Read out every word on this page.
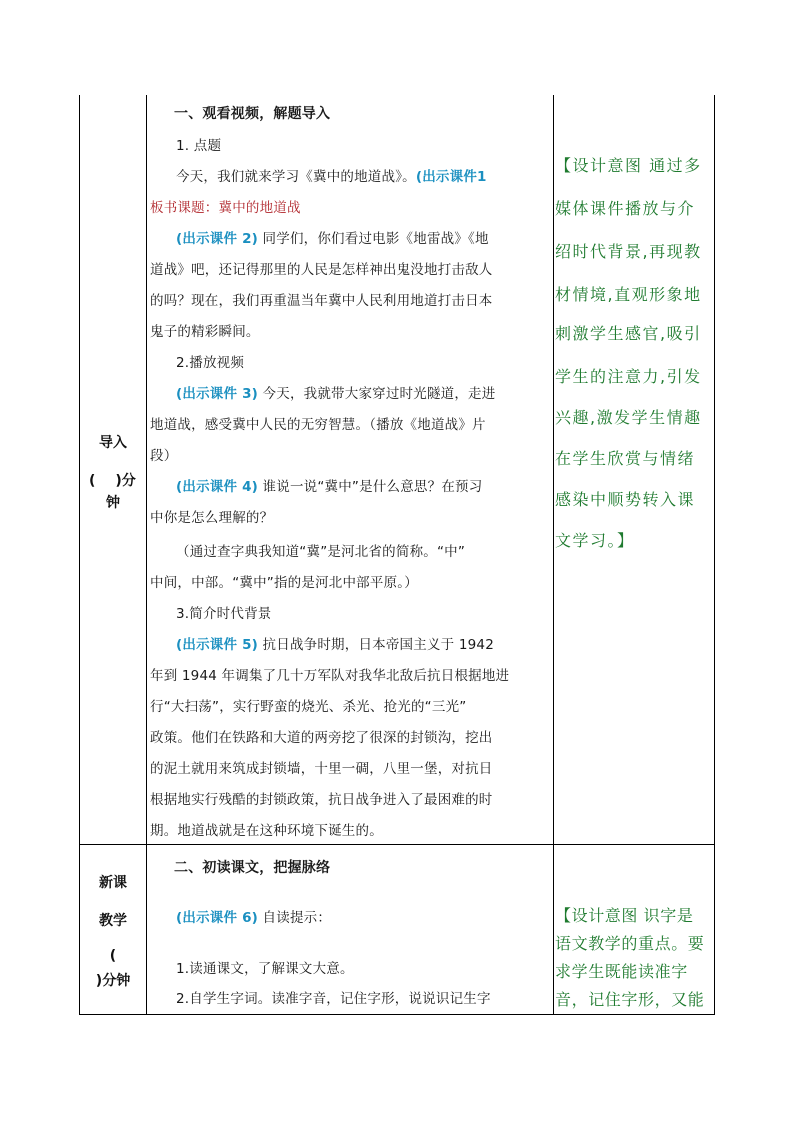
导入
( )分
钟
一、观看视频，解题导入
1. 点题
今天，我们就来学习《冀中的地道战》。(出示课件1
板书课题：冀中的地道战
(出示课件 2) 同学们，你们看过电影《地雷战》《地
道战》吧，还记得那里的人民是怎样神出鬼没地打击敌人
的吗？现在，我们再重温当年冀中人民利用地道打击日本
鬼子的精彩瞬间。
2.播放视频
(出示课件 3) 今天，我就带大家穿过时光隧道，走进
地道战，感受冀中人民的无穷智慧。（播放《地道战》片
段）
(出示课件 4) 谁说一说“冀中”是什么意思？在预习
中你是怎么理解的？
（通过查字典我知道“冀”是河北省的简称。“中”
中间，中部。“冀中”指的是河北中部平原。）
3.简介时代背景
(出示课件 5) 抗日战争时期，日本帝国主义于 1942
年到 1944 年调集了几十万军队对我华北敌后抗日根据地进
行“大扫荡”，实行野蛮的烧光、杀光、抢光的“三光”
政策。他们在铁路和大道的两旁挖了很深的封锁沟，挖出
的泥土就用来筑成封锁墙，十里一碉，八里一堡，对抗日
根据地实行残酷的封锁政策，抗日战争进入了最困难的时
期。地道战就是在这种环境下诞生的。
【设计意图 通过多
媒体课件播放与介
绍时代背景,再现教
材情境,直观形象地
刺激学生感官,吸引
学生的注意力,引发
兴趣,激发学生情趣
在学生欣赏与情绪
感染中顺势转入课
文学习。】
新课
教学
(
)分钟
二、初读课文，把握脉络
(出示课件 6) 自读提示：
1.读通课文，了解课文大意。
2.自学生字词。读准字音，记住字形，说说识记生字
【设计意图 识字是
语文教学的重点。要
求学生既能读准字
音，记住字形，又能
